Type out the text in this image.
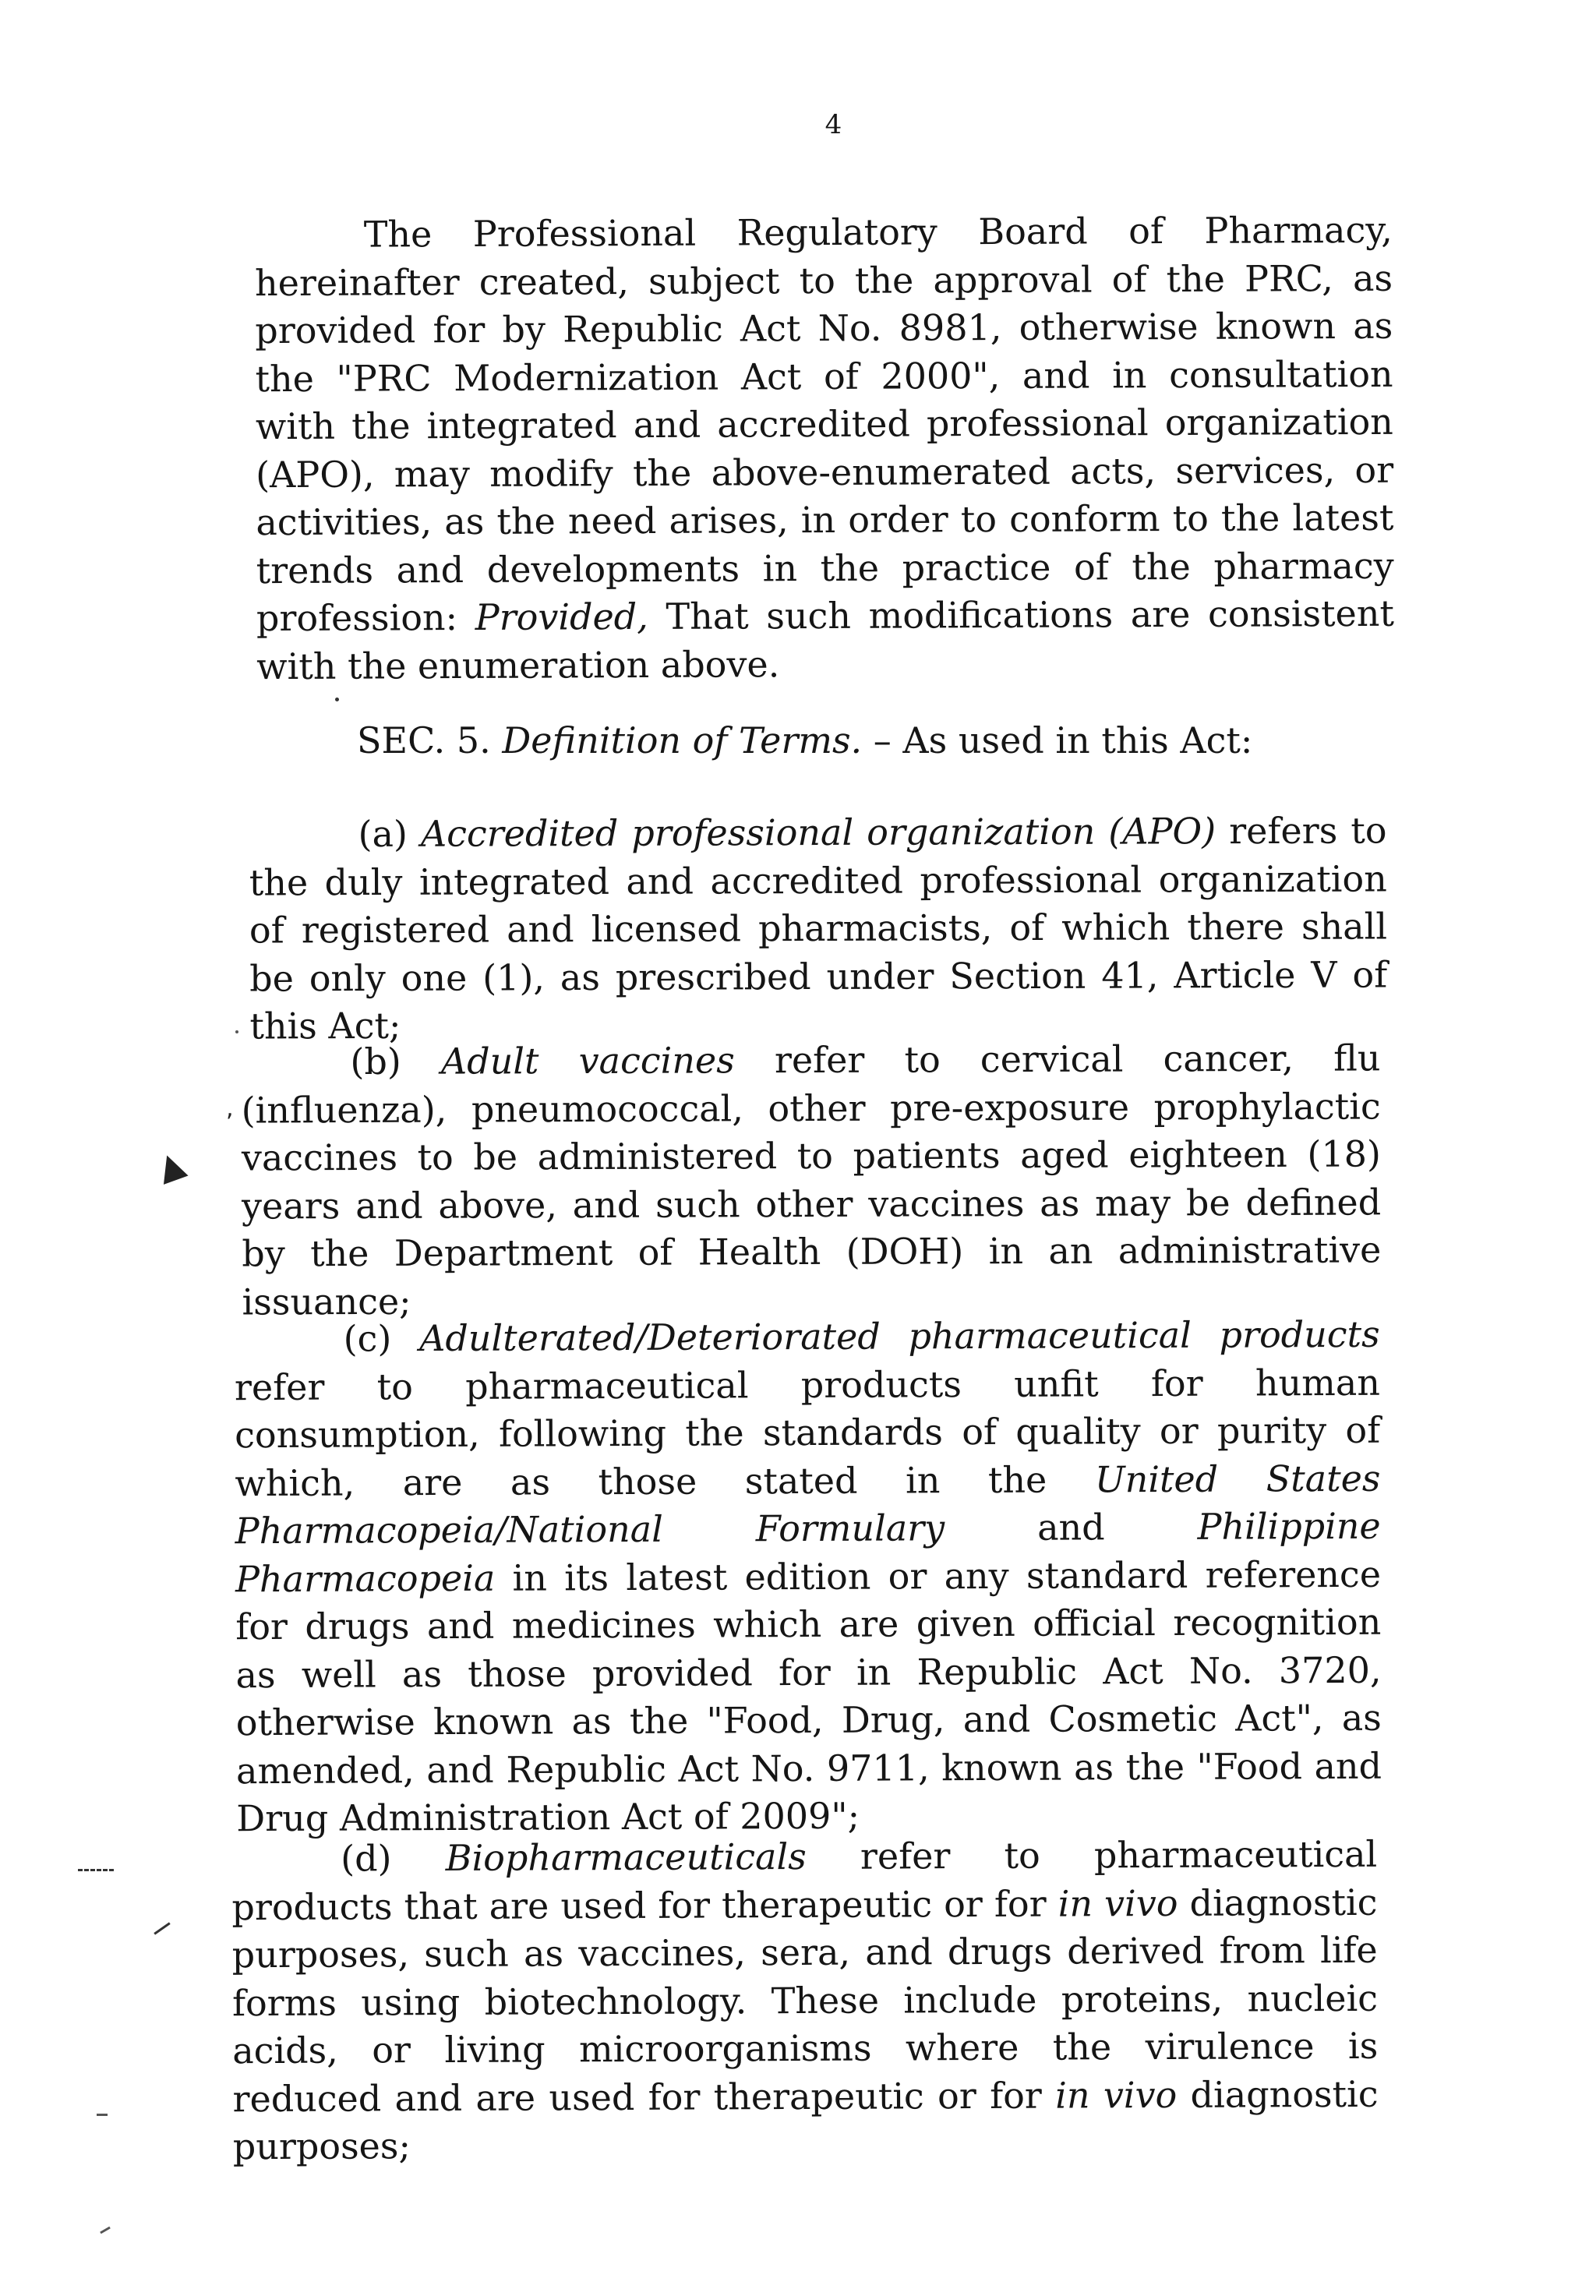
4

The Professional Regulatory Board of Pharmacy, hereinafter created, subject to the approval of the PRC, as provided for by Republic Act No. 8981, otherwise known as the "PRC Modernization Act of 2000", and in consultation with the integrated and accredited professional organization (APO), may modify the above-enumerated acts, services, or activities, as the need arises, in order to conform to the latest trends and developments in the practice of the pharmacy profession: Provided, That such modifications are consistent with the enumeration above.

SEC. 5. Definition of Terms. – As used in this Act:

(a) Accredited professional organization (APO) refers to the duly integrated and accredited professional organization of registered and licensed pharmacists, of which there shall be only one (1), as prescribed under Section 41, Article V of this Act;

(b) Adult vaccines refer to cervical cancer, flu (influenza), pneumococcal, other pre-exposure prophylactic vaccines to be administered to patients aged eighteen (18) years and above, and such other vaccines as may be defined by the Department of Health (DOH) in an administrative issuance;

(c) Adulterated/Deteriorated pharmaceutical products refer to pharmaceutical products unfit for human consumption, following the standards of quality or purity of which, are as those stated in the United States Pharmacopeia/National Formulary and Philippine Pharmacopeia in its latest edition or any standard reference for drugs and medicines which are given official recognition as well as those provided for in Republic Act No. 3720, otherwise known as the "Food, Drug, and Cosmetic Act", as amended, and Republic Act No. 9711, known as the "Food and Drug Administration Act of 2009";

(d) Biopharmaceuticals refer to pharmaceutical products that are used for therapeutic or for in vivo diagnostic purposes, such as vaccines, sera, and drugs derived from life forms using biotechnology. These include proteins, nucleic acids, or living microorganisms where the virulence is reduced and are used for therapeutic or for in vivo diagnostic purposes;

▲
,
